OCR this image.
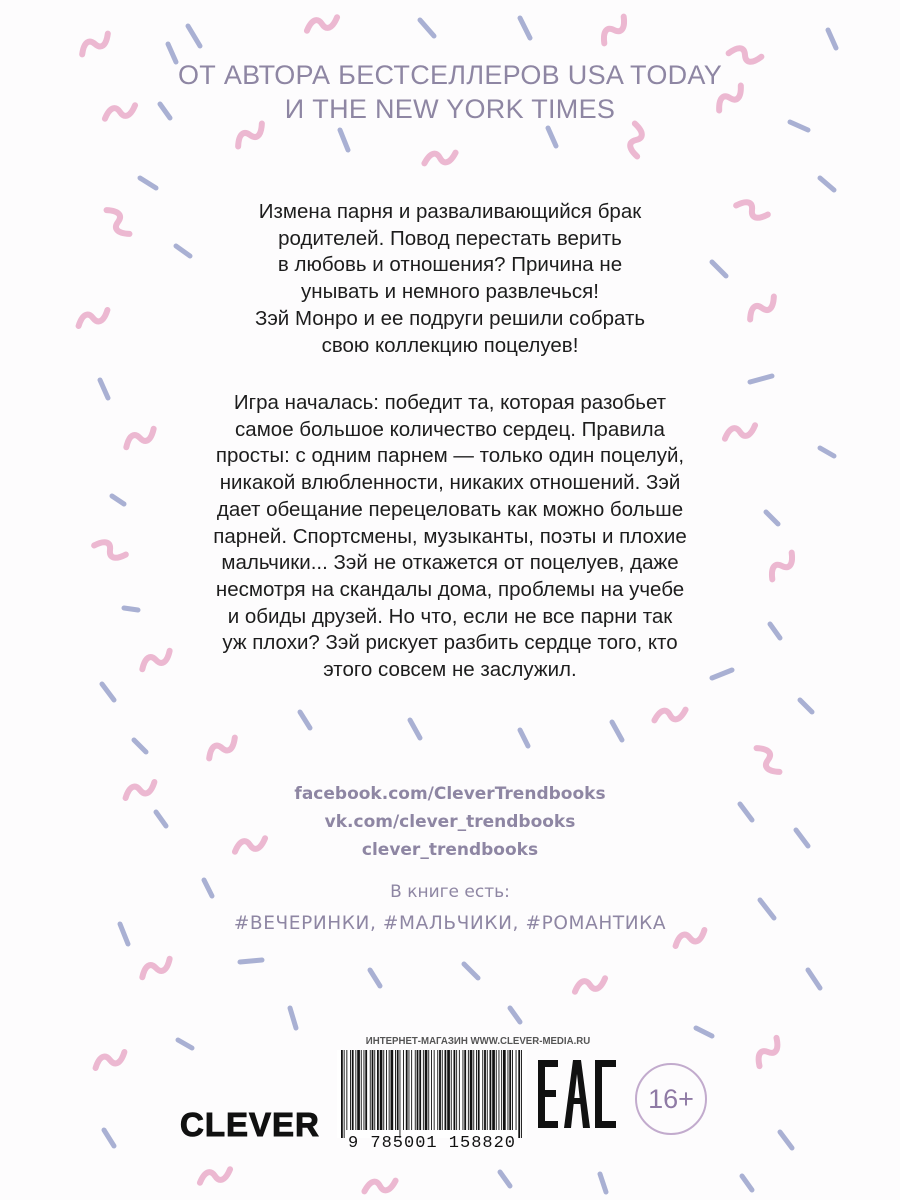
ОТ АВТОРА БЕСТСЕЛЛЕРОВ USA TODAY
И THE NEW YORK TIMES
Измена парня и разваливающийся брак
родителей. Повод перестать верить
в любовь и отношения? Причина не
унывать и немного развлечься!
Зэй Монро и ее подруги решили собрать
свою коллекцию поцелуев!
Игра началась: победит та, которая разобьет
самое большое количество сердец. Правила
просты: с одним парнем — только один поцелуй,
никакой влюбленности, никаких отношений. Зэй
дает обещание перецеловать как можно больше
парней. Спортсмены, музыканты, поэты и плохие
мальчики... Зэй не откажется от поцелуев, даже
несмотря на скандалы дома, проблемы на учебе
и обиды друзей. Но что, если не все парни так
уж плохи? Зэй рискует разбить сердце того, кто
этого совсем не заслужил.
facebook.com/CleverTrendbooks
vk.com/clever_trendbooks
clever_trendbooks
В книге есть:
#ВЕЧЕРИНКИ, #МАЛЬЧИКИ, #РОМАНТИКА
ИНТЕРНЕТ-МАГАЗИН WWW.CLEVER-MEDIA.RU
9 785001 158820
16+
CLEVER
